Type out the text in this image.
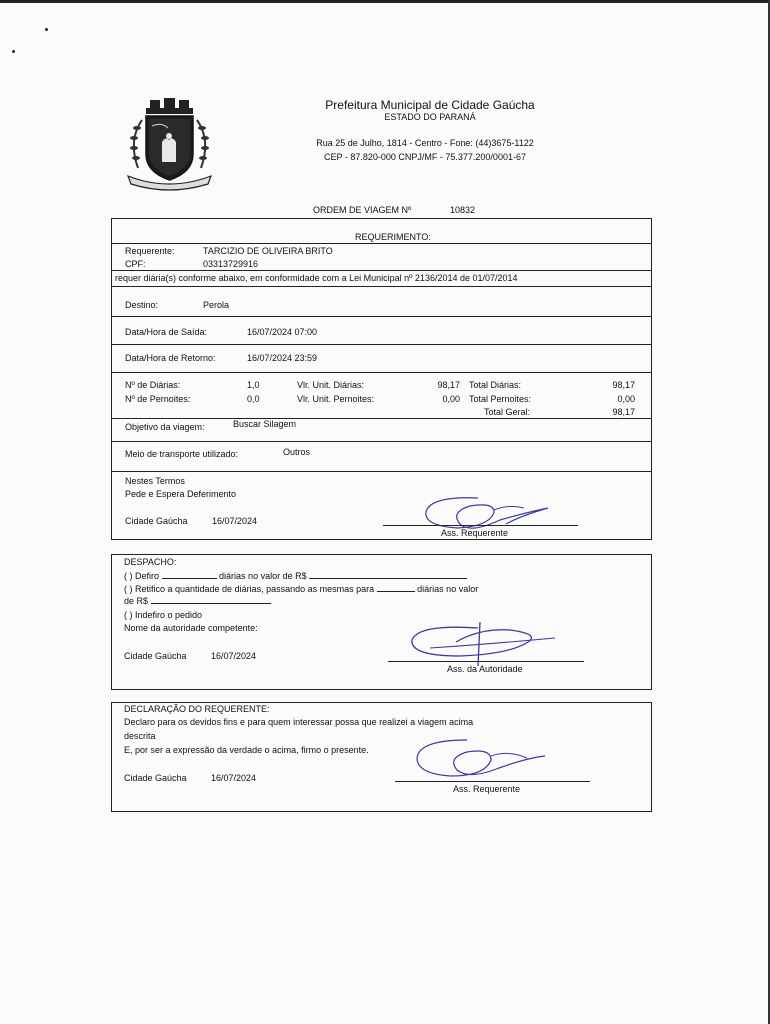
Prefeitura Municipal de Cidade Gaúcha
ESTADO DO PARANÁ
Rua 25 de Julho, 1814 - Centro - Fone: (44)3675-1122
CEP - 87.820-000 CNPJ/MF - 75.377.200/0001-67
ORDEM DE VIAGEM Nº	10832
REQUERIMENTO:
Requerente:	TARCIZIO DE OLIVEIRA BRITO
CPF:	03313729916
requer diária(s) conforme abaixo, em conformidade com a Lei Municipal nº 2136/2014 de 01/07/2014
Destino:	Perola
Data/Hora de Saída:	16/07/2024 07:00
Data/Hora de Retorno:	16/07/2024 23:59
Nº de Diárias:	1,0	Vlr. Unit. Diárias:	98,17 Total Diárias:	98,17
Nº de Pernoites:	0,0	Vlr. Unit. Pernoites:	0,00 Total Pernoites:	0,00
Total Geral:	98,17
Objetivo da viagem:	Buscar Silagem
Meio de transporte utilizado:	Outros
Nestes Termos
Pede e Espera Deferimento
Cidade Gaúcha	16/07/2024
Ass. Requerente
DESPACHO:
( ) Defiro	diárias no valor de R$
( ) Retifico a quantidade de diárias, passando as mesmas para	diárias no valor
de R$
( ) Indefiro o pedido
Nome da autoridade competente:
Cidade Gaúcha	16/07/2024
Ass. da Autoridade
DECLARAÇÃO DO REQUERENTE:
Declaro para os devidos fins e para quem interessar possa que realizei a viagem acima
descrita
E, por ser a expressão da verdade o acima, firmo o presente.
Cidade Gaúcha	16/07/2024
Ass. Requerente
